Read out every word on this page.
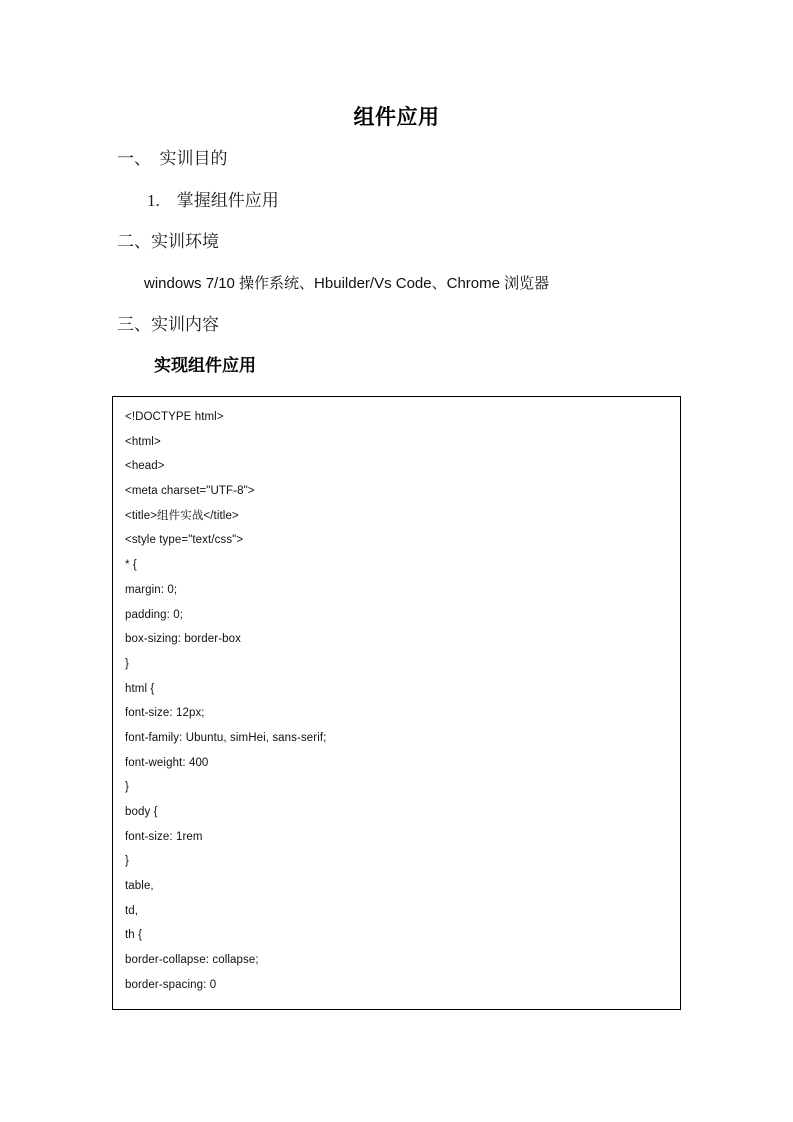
组件应用
一、　实训目的
1.　掌握组件应用
二、实训环境
windows 7/10 操作系统、Hbuilder/Vs Code、Chrome 浏览器
三、实训内容
实现组件应用
<!DOCTYPE html>
<html>
<head>
<meta charset="UTF-8">
<title>组件实战</title>
<style type="text/css">
* {
margin: 0;
padding: 0;
box-sizing: border-box
}
html {
font-size: 12px;
font-family: Ubuntu, simHei, sans-serif;
font-weight: 400
}
body {
font-size: 1rem
}
table,
td,
th {
border-collapse: collapse;
border-spacing: 0
